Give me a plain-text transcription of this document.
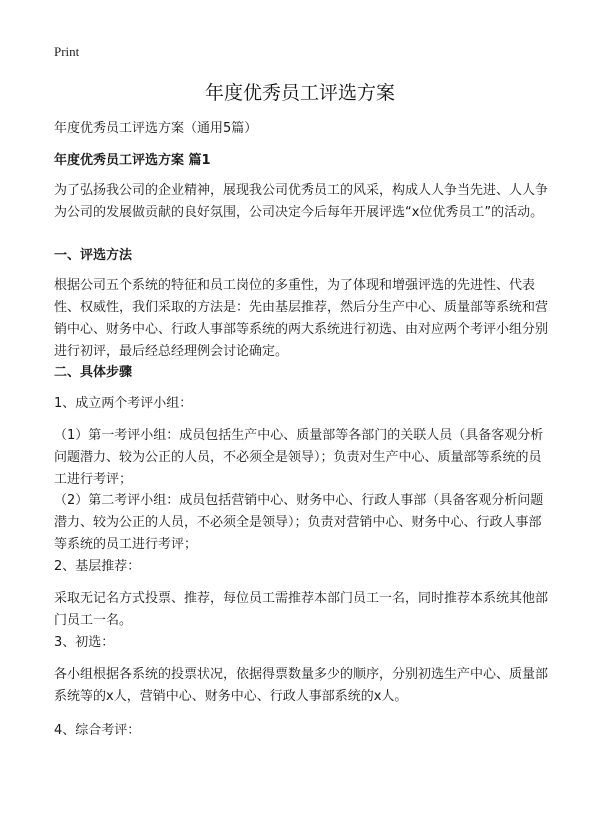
Print
年度优秀员工评选方案

年度优秀员工评选方案（通用5篇）

年度优秀员工评选方案 篇1

为了弘扬我公司的企业精神，展现我公司优秀员工的风采，构成人人争当先进、人人争为公司的发展做贡献的良好氛围，公司决定今后每年开展评选“x位优秀员工”的活动。

一、评选方法

根据公司五个系统的特征和员工岗位的多重性，为了体现和增强评选的先进性、代表性、权威性，我们采取的方法是：先由基层推荐，然后分生产中心、质量部等系统和营销中心、财务中心、行政人事部等系统的两大系统进行初选、由对应两个考评小组分别进行初评，最后经总经理例会讨论确定。

二、具体步骤

1、成立两个考评小组：

（1）第一考评小组：成员包括生产中心、质量部等各部门的关联人员（具备客观分析问题潜力、较为公正的人员，不必须全是领导）；负责对生产中心、质量部等系统的员工进行考评；

（2）第二考评小组：成员包括营销中心、财务中心、行政人事部（具备客观分析问题潜力、较为公正的人员，不必须全是领导）；负责对营销中心、财务中心、行政人事部等系统的员工进行考评；

2、基层推荐：

采取无记名方式投票、推荐，每位员工需推荐本部门员工一名，同时推荐本系统其他部门员工一名。

3、初选：

各小组根据各系统的投票状况，依据得票数量多少的顺序，分别初选生产中心、质量部系统等的x人，营销中心、财务中心、行政人事部系统的x人。

4、综合考评：
